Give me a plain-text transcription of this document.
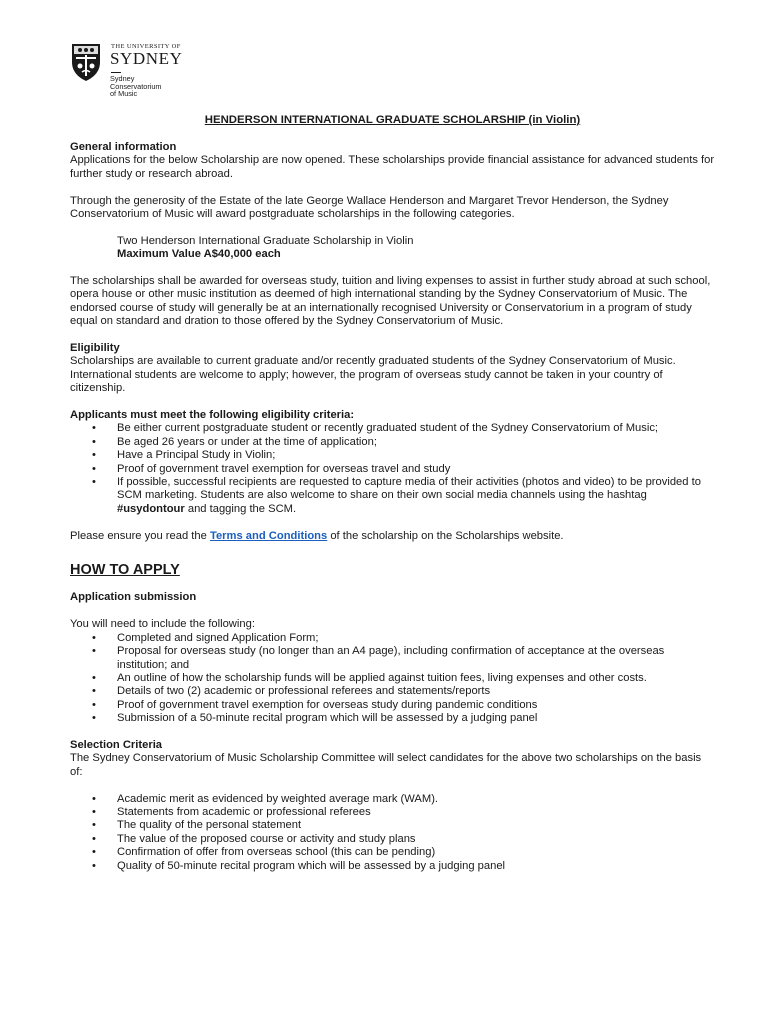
THE UNIVERSITY OF
SYDNEY
Sydney
Conservatorium
of Music
HENDERSON INTERNATIONAL GRADUATE SCHOLARSHIP (in Violin)

General information

Applications for the below Scholarship are now opened. These scholarships provide financial assistance for advanced students for further study or research abroad.

Through the generosity of the Estate of the late George Wallace Henderson and Margaret Trevor Henderson, the Sydney Conservatorium of Music will award postgraduate scholarships in the following categories.

Two Henderson International Graduate Scholarship in Violin

Maximum Value A$40,000 each

The scholarships shall be awarded for overseas study, tuition and living expenses to assist in further study abroad at such school, opera house or other music institution as deemed of high international standing by the Sydney Conservatorium of Music. The endorsed course of study will generally be at an internationally recognised University or Conservatorium in a program of study equal on standard and dration to those offered by the Sydney Conservatorium of Music.

Eligibility

Scholarships are available to current graduate and/or recently graduated students of the Sydney Conservatorium of Music. International students are welcome to apply; however, the program of overseas study cannot be taken in your country of citizenship.

Applicants must meet the following eligibility criteria:

• Be either current postgraduate student or recently graduated student of the Sydney Conservatorium of Music;
• Be aged 26 years or under at the time of application;
• Have a Principal Study in Violin;
• Proof of government travel exemption for overseas travel and study
• If possible, successful recipients are requested to capture media of their activities (photos and video) to be provided to SCM marketing. Students are also welcome to share on their own social media channels using the hashtag #usydontour and tagging the SCM.

Please ensure you read the Terms and Conditions of the scholarship on the Scholarships website.

HOW TO APPLY

Application submission

You will need to include the following:

• Completed and signed Application Form;
• Proposal for overseas study (no longer than an A4 page), including confirmation of acceptance at the overseas institution; and
• An outline of how the scholarship funds will be applied against tuition fees, living expenses and other costs.
• Details of two (2) academic or professional referees and statements/reports
• Proof of government travel exemption for overseas study during pandemic conditions
• Submission of a 50-minute recital program which will be assessed by a judging panel

Selection Criteria

The Sydney Conservatorium of Music Scholarship Committee will select candidates for the above two scholarships on the basis of:

• Academic merit as evidenced by weighted average mark (WAM).
• Statements from academic or professional referees
• The quality of the personal statement
• The value of the proposed course or activity and study plans
• Confirmation of offer from overseas school (this can be pending)
• Quality of 50-minute recital program which will be assessed by a judging panel
